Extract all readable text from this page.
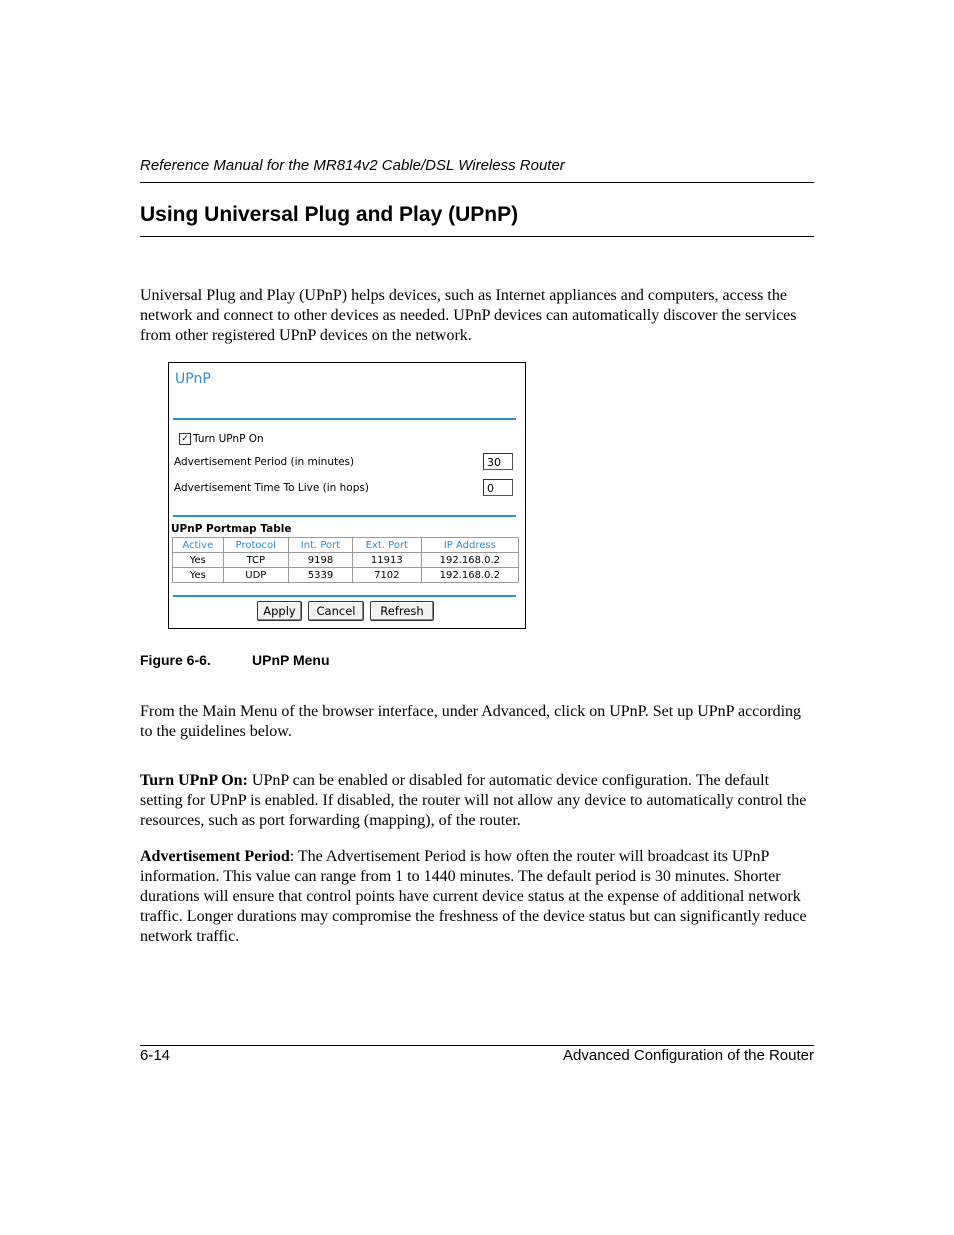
Reference Manual for the MR814v2 Cable/DSL Wireless Router
Using Universal Plug and Play (UPnP)
Universal Plug and Play (UPnP) helps devices, such as Internet appliances and computers, access the network and connect to other devices as needed. UPnP devices can automatically discover the services from other registered UPnP devices on the network.
UPnP
✓ Turn UPnP On
Advertisement Period (in minutes)	30
Advertisement Time To Live (in hops)	0
UPnP Portmap Table
Active	Protocol	Int. Port	Ext. Port	IP Address
Yes	TCP	9198	11913	192.168.0.2
Yes	UDP	5339	7102	192.168.0.2
Apply	Cancel	Refresh
Figure 6-6.	UPnP Menu
From the Main Menu of the browser interface, under Advanced, click on UPnP. Set up UPnP according to the guidelines below.
Turn UPnP On: UPnP can be enabled or disabled for automatic device configuration. The default setting for UPnP is enabled. If disabled, the router will not allow any device to automatically control the resources, such as port forwarding (mapping), of the router.
Advertisement Period: The Advertisement Period is how often the router will broadcast its UPnP information. This value can range from 1 to 1440 minutes. The default period is 30 minutes. Shorter durations will ensure that control points have current device status at the expense of additional network traffic. Longer durations may compromise the freshness of the device status but can significantly reduce network traffic.
6-14	Advanced Configuration of the Router
